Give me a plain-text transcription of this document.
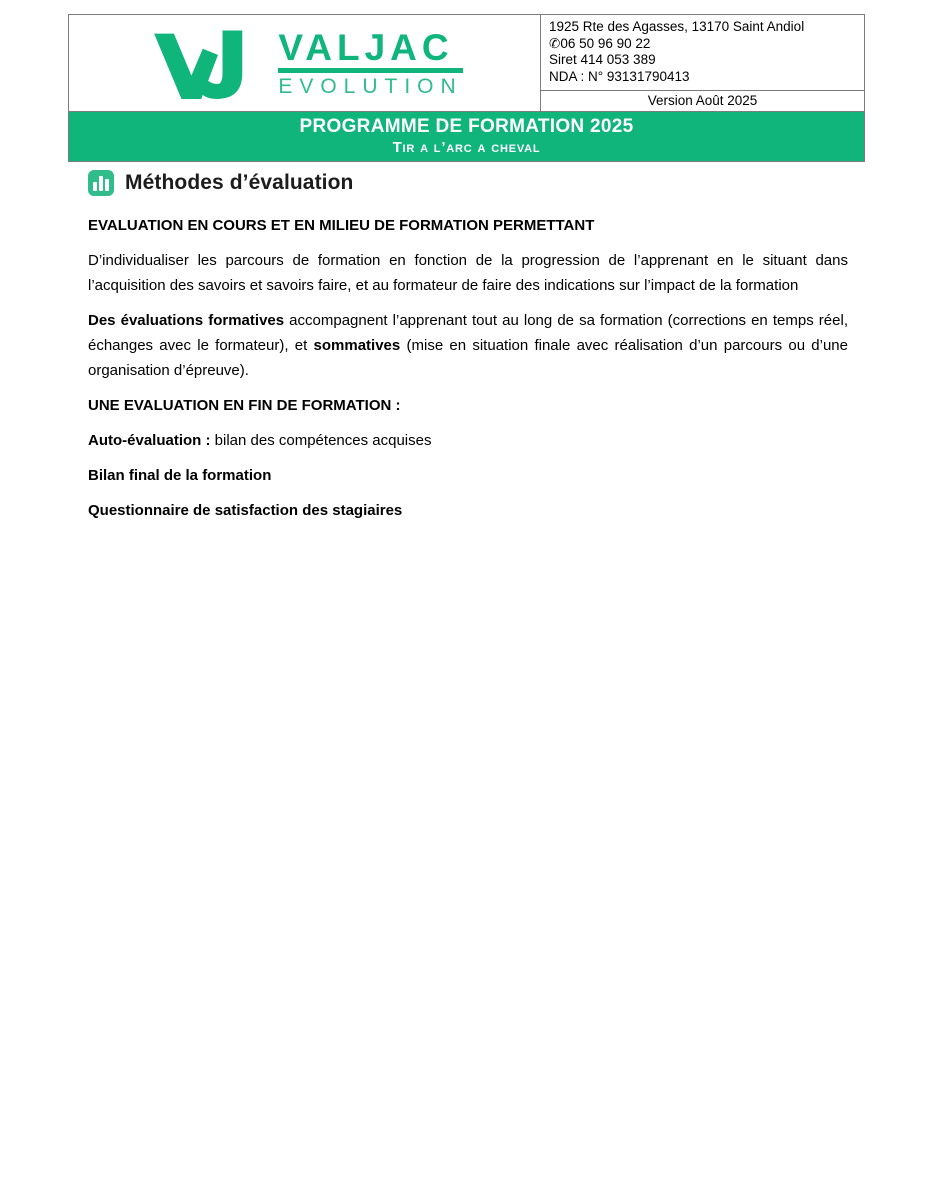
VALJAC
EVOLUTION
1925 Rte des Agasses, 13170 Saint Andiol
✆06 50 96 90 22
Siret 414 053 389
NDA : N° 93131790413
Version Août 2025
PROGRAMME DE FORMATION 2025
Tir a l’arc a cheval
Méthodes d’évaluation

EVALUATION EN COURS ET EN MILIEU DE FORMATION PERMETTANT

D’individualiser les parcours de formation en fonction de la progression de l’apprenant en le situant dans l’acquisition des savoirs et savoirs faire, et au formateur de faire des indications sur l’impact de la formation

Des évaluations formatives accompagnent l’apprenant tout au long de sa formation (corrections en temps réel, échanges avec le formateur), et sommatives (mise en situation finale avec réalisation d’un parcours ou d’une organisation d’épreuve).

UNE EVALUATION EN FIN DE FORMATION :

Auto-évaluation : bilan des compétences acquises

Bilan final de la formation

Questionnaire de satisfaction des stagiaires
